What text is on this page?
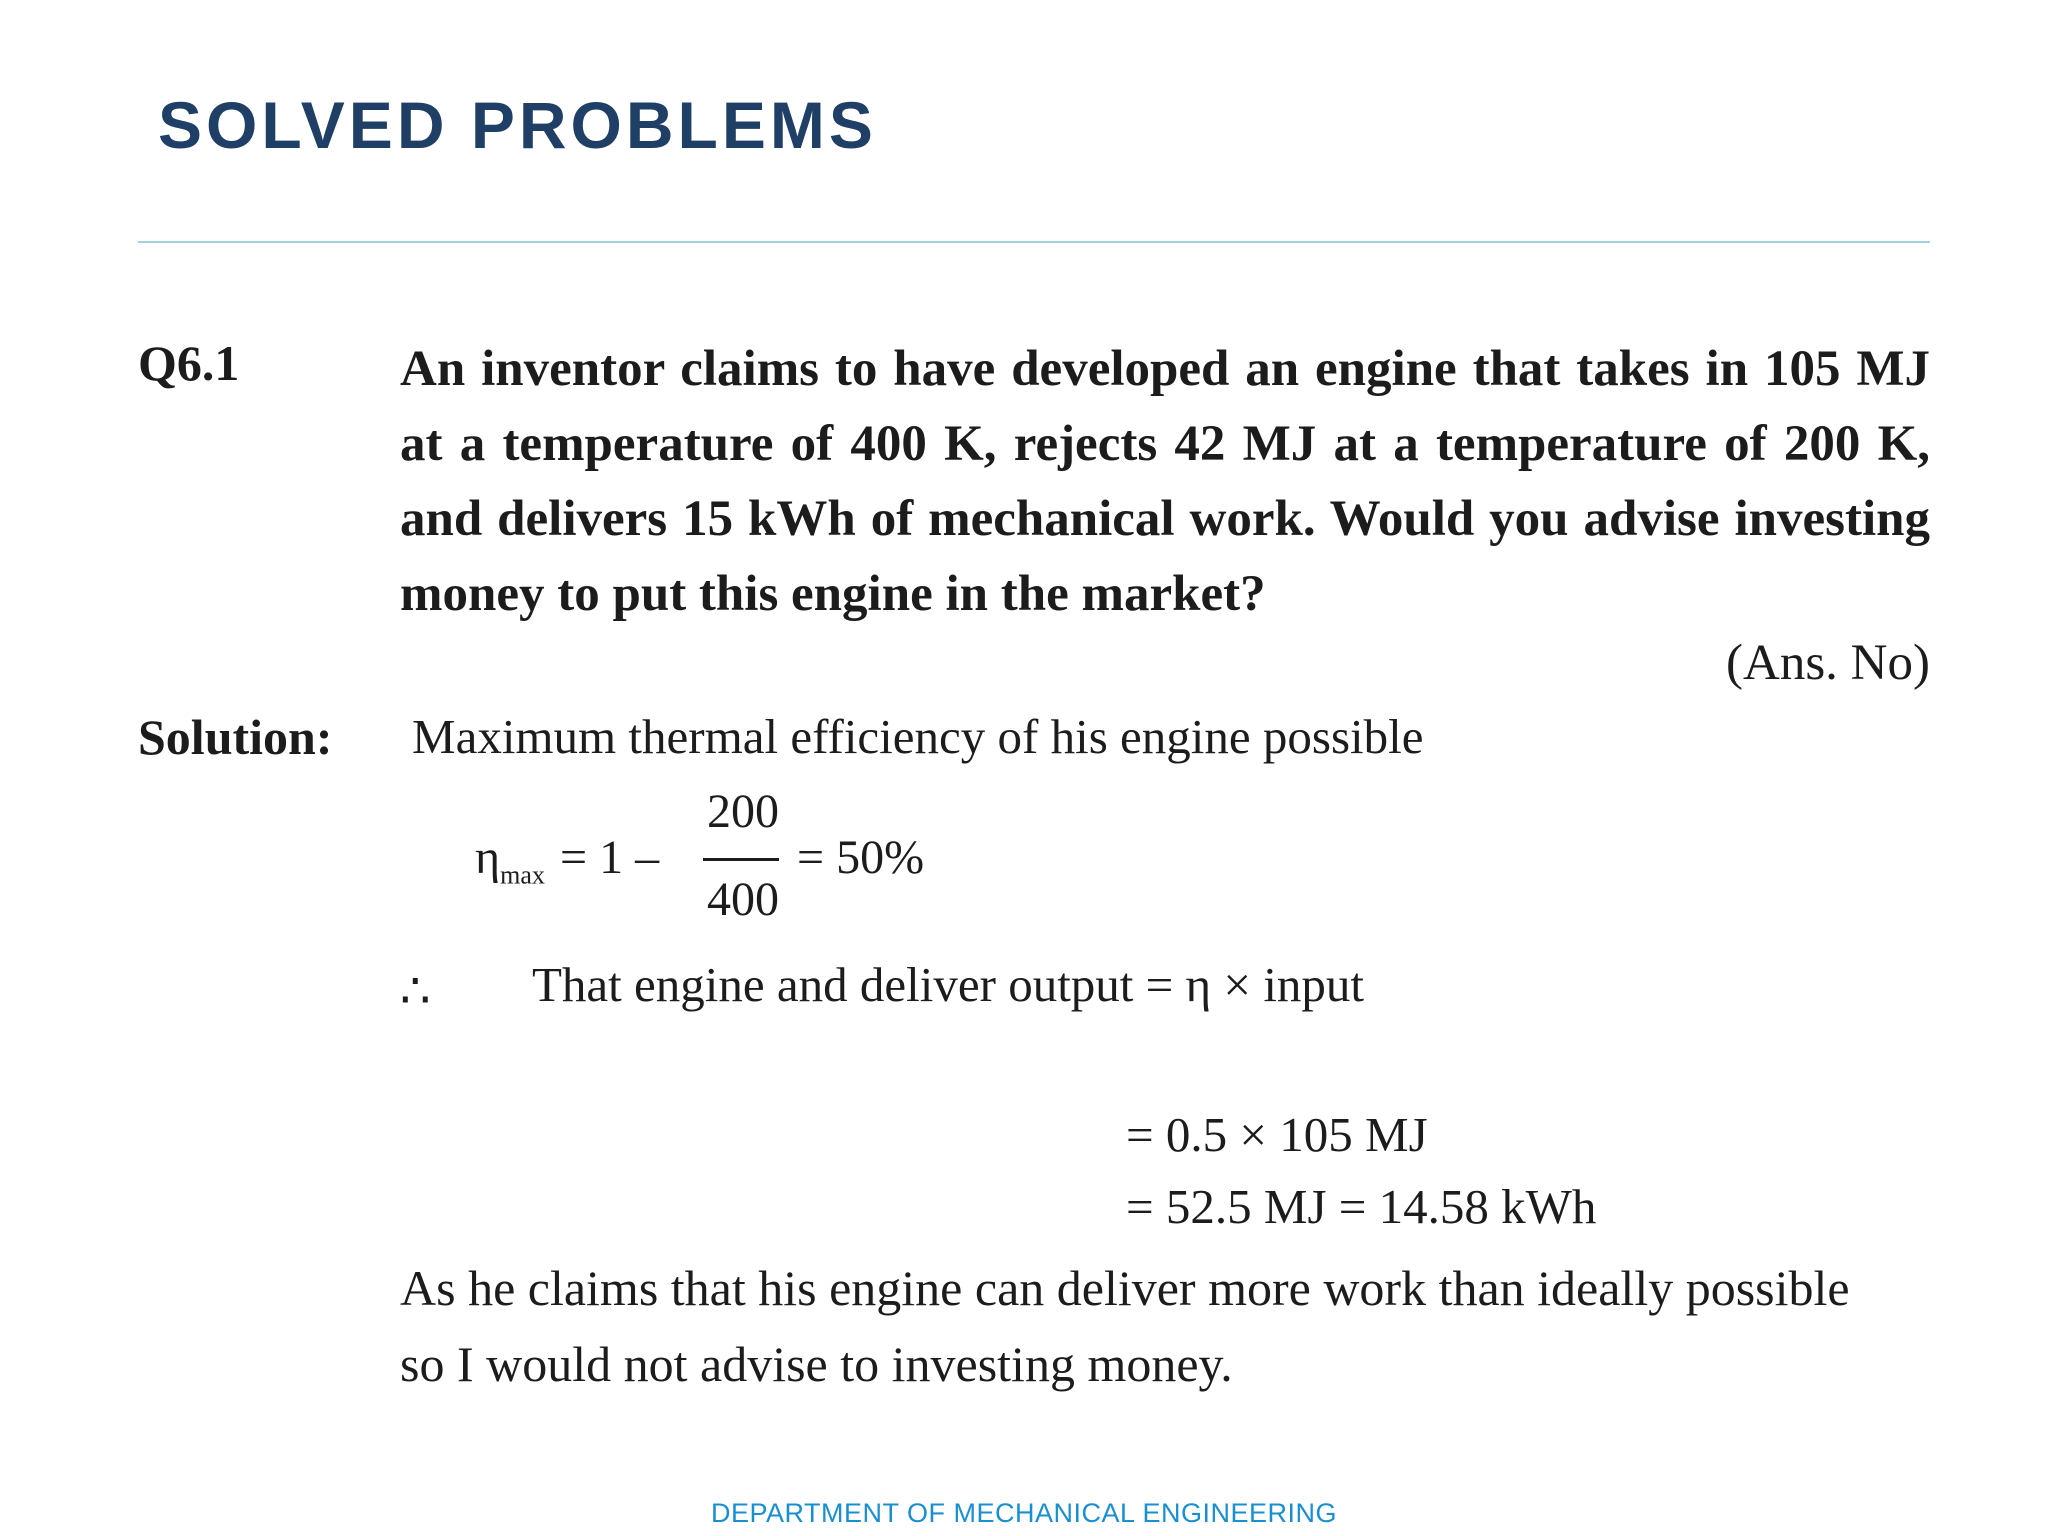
SOLVED PROBLEMS
Q6.1	An inventor claims to have developed an engine that takes in 105 MJ at a temperature of 400 K, rejects 42 MJ at a temperature of 200 K, and delivers 15 kWh of mechanical work. Would you advise investing money to put this engine in the market?

(Ans. No)
Solution: Maximum thermal efficiency of his engine possible
$\eta_{max} = 1$ –
200
400
= 50%
∴ That engine and deliver output = η × input
= 0.5 × 105 MJ
= 52.5 MJ = 14.58 kWh

As he claims that his engine can deliver more work than ideally possible so I would not advise to investing money.

DEPARTMENT OF MECHANICAL ENGINEERING
